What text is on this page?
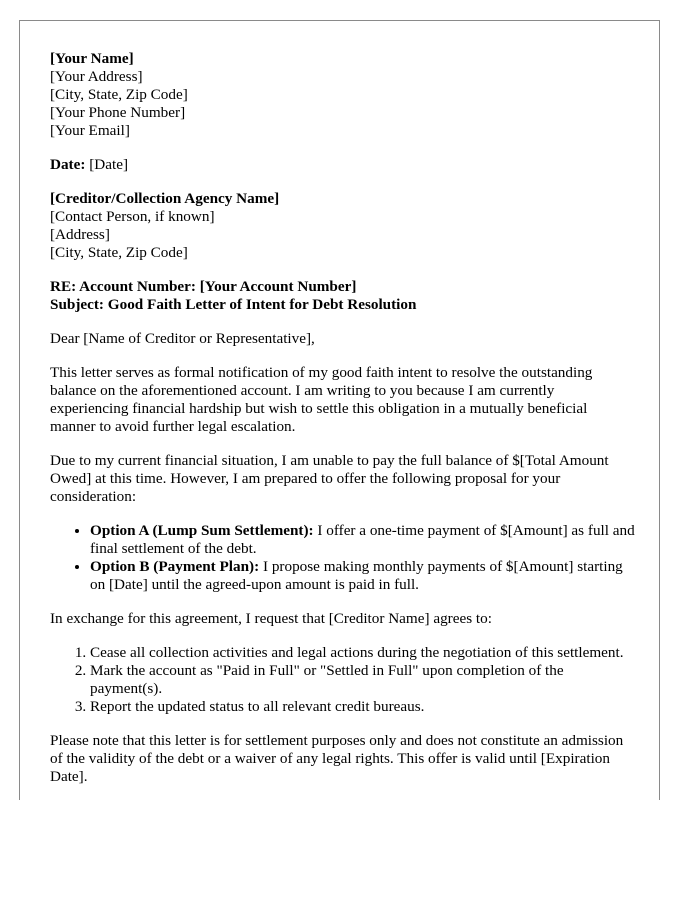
[Your Name]
[Your Address]
[City, State, Zip Code]
[Your Phone Number]
[Your Email]

Date: [Date]

[Creditor/Collection Agency Name]
[Contact Person, if known]
[Address]
[City, State, Zip Code]
RE: Account Number: [Your Account Number]
Subject: Good Faith Letter of Intent for Debt Resolution

Dear [Name of Creditor or Representative],

This letter serves as formal notification of my good faith intent to resolve the outstanding balance on the aforementioned account. I am writing to you because I am currently experiencing financial hardship but wish to settle this obligation in a mutually beneficial manner to avoid further legal escalation.

Due to my current financial situation, I am unable to pay the full balance of $[Total Amount Owed] at this time. However, I am prepared to offer the following proposal for your consideration:

• Option A (Lump Sum Settlement): I offer a one-time payment of $[Amount] as full and final settlement of the debt.
• Option B (Payment Plan): I propose making monthly payments of $[Amount] starting on [Date] until the agreed-upon amount is paid in full.

In exchange for this agreement, I request that [Creditor Name] agrees to:

1. Cease all collection activities and legal actions during the negotiation of this settlement.
2. Mark the account as "Paid in Full" or "Settled in Full" upon completion of the payment(s).
3. Report the updated status to all relevant credit bureaus.

Please note that this letter is for settlement purposes only and does not constitute an admission of the validity of the debt or a waiver of any legal rights. This offer is valid until [Expiration Date].
